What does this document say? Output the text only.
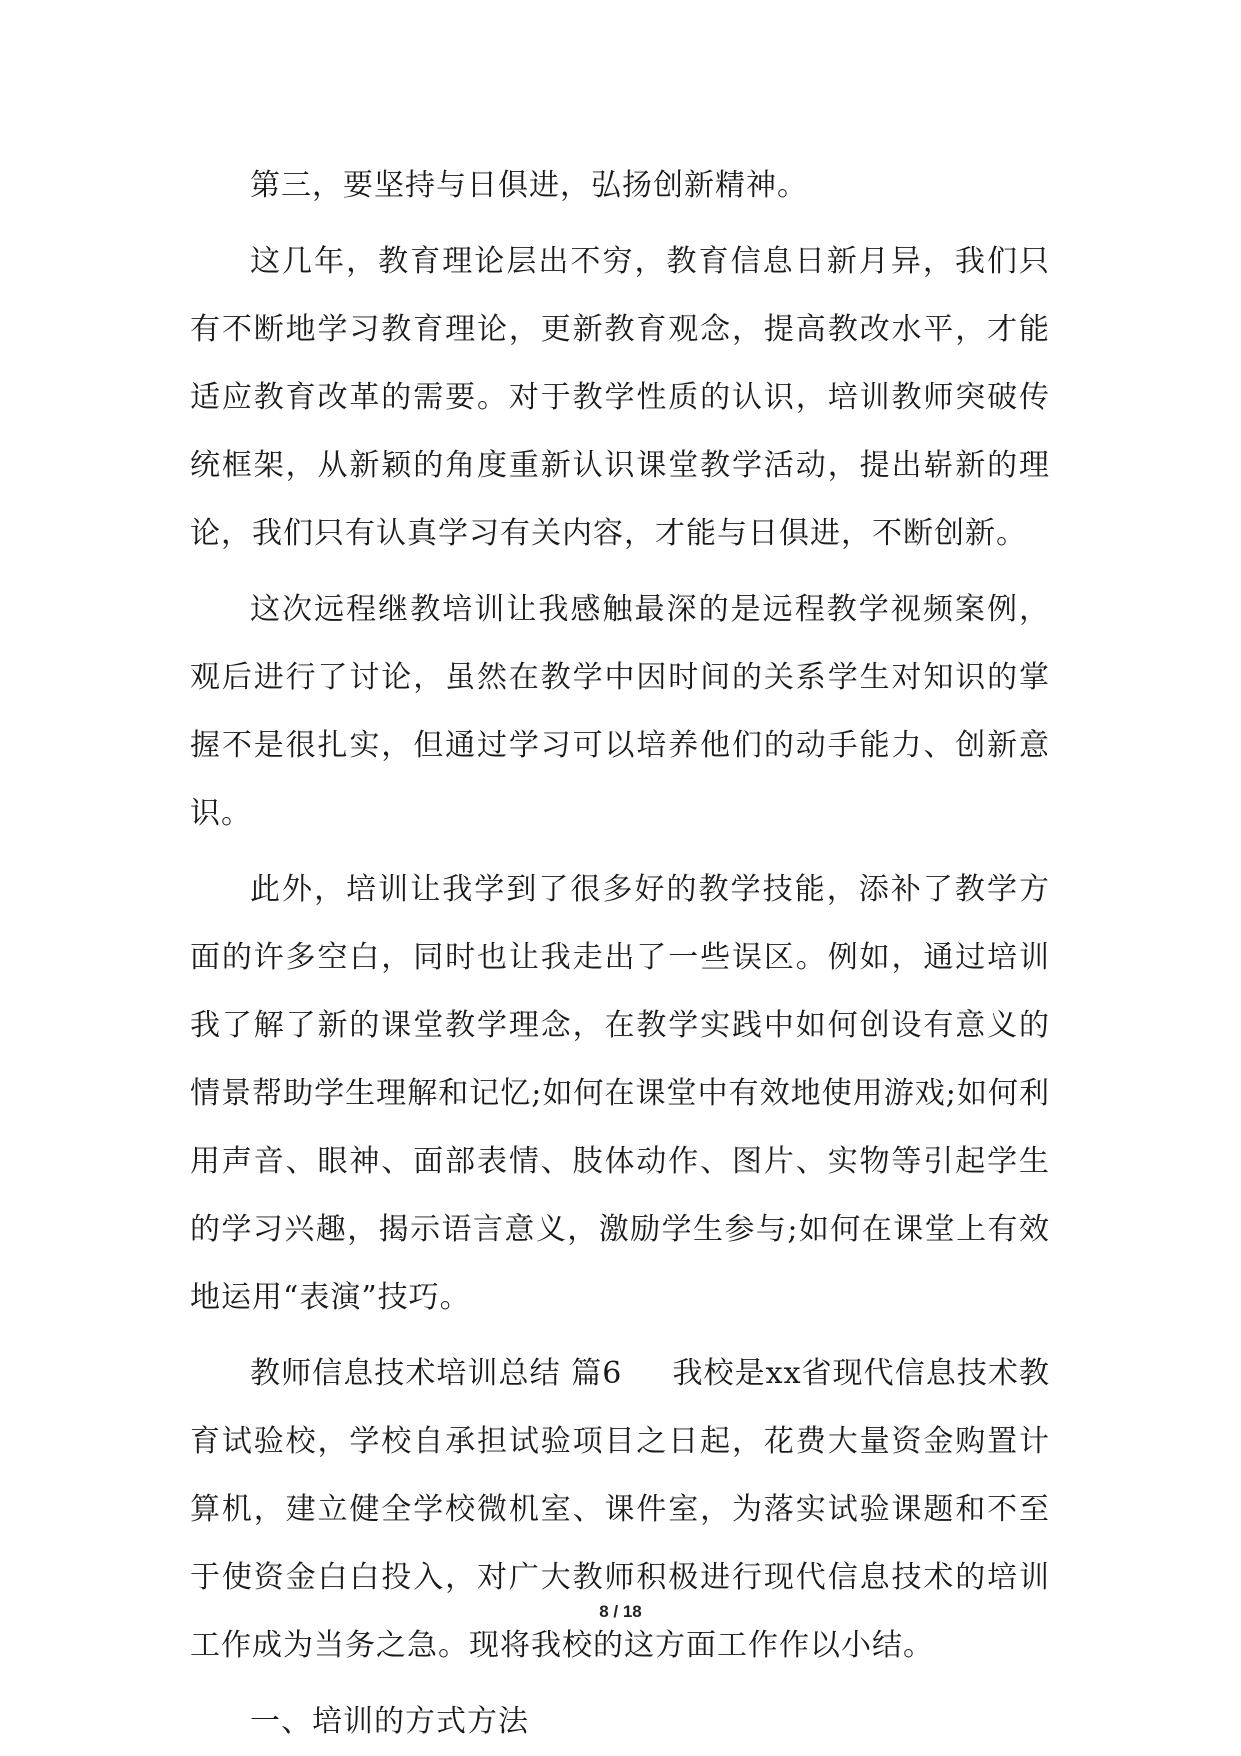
第三，要坚持与日俱进，弘扬创新精神。

这几年，教育理论层出不穷，教育信息日新月异，我们只有不断地学习教育理论，更新教育观念，提高教改水平，才能适应教育改革的需要。对于教学性质的认识，培训教师突破传统框架，从新颖的角度重新认识课堂教学活动，提出崭新的理论，我们只有认真学习有关内容，才能与日俱进，不断创新。

这次远程继教培训让我感触最深的是远程教学视频案例，观后进行了讨论，虽然在教学中因时间的关系学生对知识的掌握不是很扎实，但通过学习可以培养他们的动手能力、创新意识。

此外，培训让我学到了很多好的教学技能，添补了教学方面的许多空白，同时也让我走出了一些误区。例如，通过培训我了解了新的课堂教学理念，在教学实践中如何创设有意义的情景帮助学生理解和记忆;如何在课堂中有效地使用游戏;如何利用声音、眼神、面部表情、肢体动作、图片、实物等引起学生的学习兴趣，揭示语言意义，激励学生参与;如何在课堂上有效地运用“表演”技巧。

教师信息技术培训总结 篇6 我校是xx省现代信息技术教育试验校，学校自承担试验项目之日起，花费大量资金购置计算机，建立健全学校微机室、课件室，为落实试验课题和不至于使资金白白投入，对广大教师积极进行现代信息技术的培训工作成为当务之急。现将我校的这方面工作作以小结。

一、培训的方式方法

8 / 18
